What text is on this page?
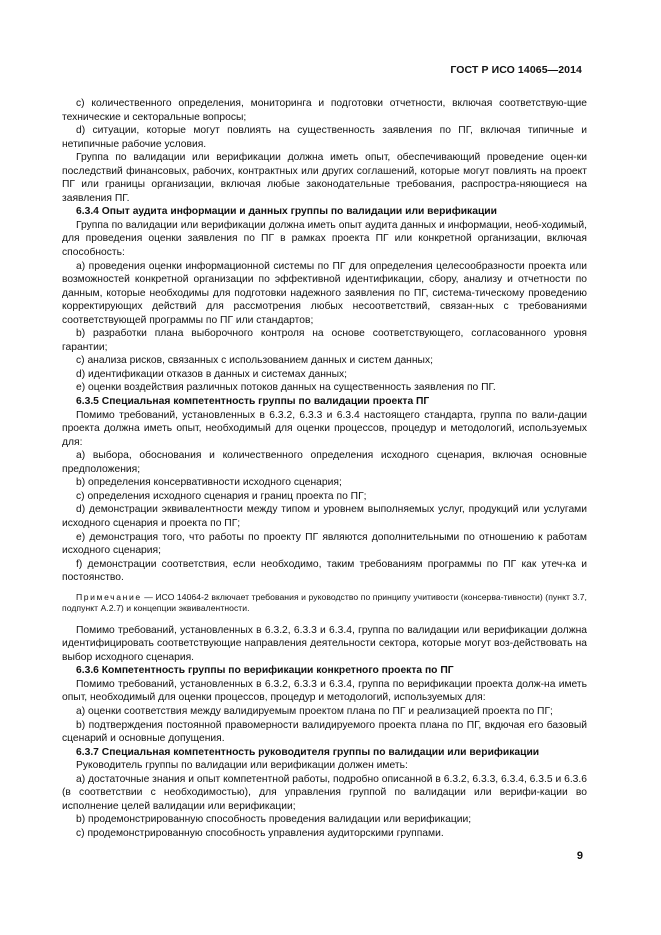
ГОСТ Р ИСО 14065—2014

c) количественного определения, мониторинга и подготовки отчетности, включая соответствую-щие технические и секторальные вопросы;

d) ситуации, которые могут повлиять на существенность заявления по ПГ, включая типичные и нетипичные рабочие условия.

Группа по валидации или верификации должна иметь опыт, обеспечивающий проведение оцен-ки последствий финансовых, рабочих, контрактных или других соглашений, которые могут повлиять на проект ПГ или границы организации, включая любые законодательные требования, распростра-няющиеся на заявления ПГ.

6.3.4 Опыт аудита информации и данных группы по валидации или верификации

Группа по валидации или верификации должна иметь опыт аудита данных и информации, необ-ходимый, для проведения оценки заявления по ПГ в рамках проекта ПГ или конкретной организации, включая способность:

a) проведения оценки информационной системы по ПГ для определения целесообразности проекта или возможностей конкретной организации по эффективной идентификации, сбору, анализу и отчетности по данным, которые необходимы для подготовки надежного заявления по ПГ, система-тическому проведению корректирующих действий для рассмотрения любых несоответствий, связан-ных с требованиями соответствующей программы по ПГ или стандартов;

b) разработки плана выборочного контроля на основе соответствующего, согласованного уровня гарантии;

c) анализа рисков, связанных с использованием данных и систем данных;

d) идентификации отказов в данных и системах данных;

e) оценки воздействия различных потоков данных на существенность заявления по ПГ.

6.3.5 Специальная компетентность группы по валидации проекта ПГ

Помимо требований, установленных в 6.3.2, 6.3.3 и 6.3.4 настоящего стандарта, группа по вали-дации проекта должна иметь опыт, необходимый для оценки процессов, процедур и методологий, используемых для:

a) выбора, обоснования и количественного определения исходного сценария, включая основные предположения;

b) определения консервативности исходного сценария;

c) определения исходного сценария и границ проекта по ПГ;

d) демонстрации эквивалентности между типом и уровнем выполняемых услуг, продукций или услугами исходного сценария и проекта по ПГ;

e) демонстрация того, что работы по проекту ПГ являются дополнительными по отношению к работам исходного сценария;

f) демонстрации соответствия, если необходимо, таким требованиям программы по ПГ как утеч-ка и постоянство.

Примечание — ИСО 14064-2 включает требования и руководство по принципу учитивости (консерва-тивности) (пункт 3.7, подпункт А.2.7) и концепции эквивалентности.

Помимо требований, установленных в 6.3.2, 6.3.3 и 6.3.4, группа по валидации или верификации должна идентифицировать соответствующие направления деятельности сектора, которые могут воз-действовать на выбор исходного сценария.

6.3.6 Компетентность группы по верификации конкретного проекта по ПГ

Помимо требований, установленных в 6.3.2, 6.3.3 и 6.3.4, группа по верификации проекта долж-на иметь опыт, необходимый для оценки процессов, процедур и методологий, используемых для:

a) оценки соответствия между валидируемым проектом плана по ПГ и реализацией проекта по ПГ;

b) подтверждения постоянной правомерности валидируемого проекта плана по ПГ, вкдючая его базовый сценарий и основные допущения.

6.3.7 Специальная компетентность руководителя группы по валидации или верификации

Руководитель группы по валидации или верификации должен иметь:

a) достаточные знания и опыт компетентной работы, подробно описанной в 6.3.2, 6.3.3, 6.3.4, 6.3.5 и 6.3.6 (в соответствии с необходимостью), для управления группой по валидации или верифи-кации во исполнение целей валидации или верификации;

b) продемонстрированную способность проведения валидации или верификации;

c) продемонстрированную способность управления аудиторскими группами.

9
